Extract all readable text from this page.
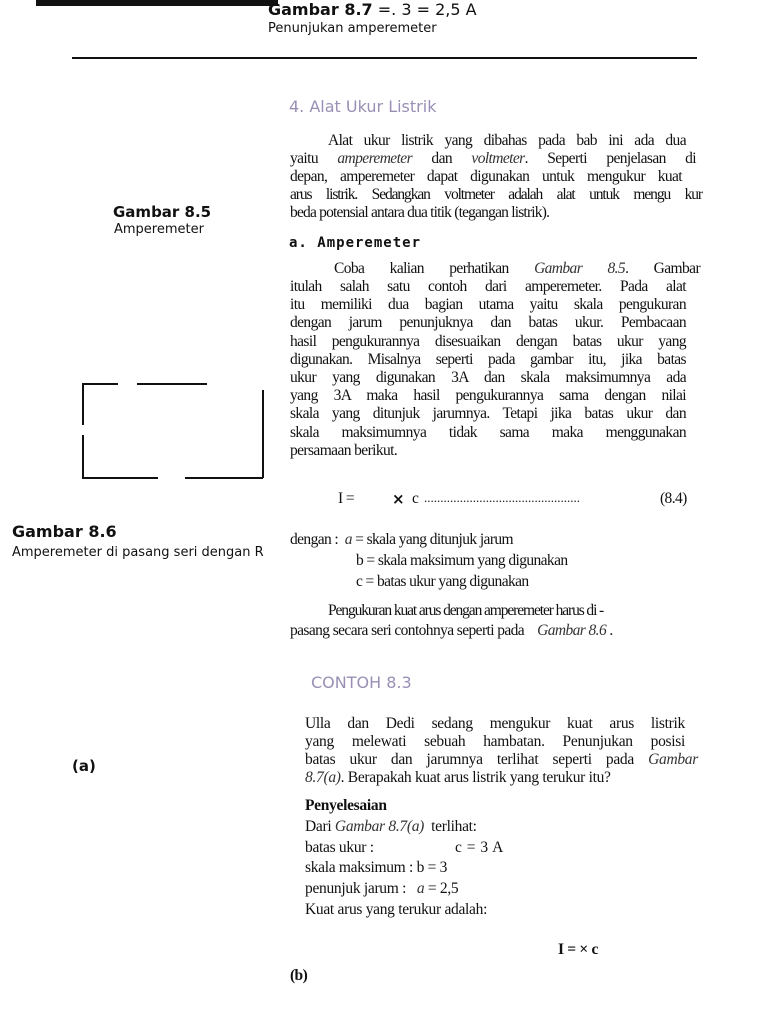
Gambar 8.7 =. 3 = 2,5 A
Penunjukan amperemeter
4. Alat Ukur Listrik
Alat ukur listrik yang dibahas pada bab ini ada dua
yaitu amperemeter dan voltmeter. Seperti penjelasan di
depan, amperemeter dapat digunakan untuk mengukur kuat
arus listrik. Sedangkan voltmeter adalah alat untuk mengu kur
beda potensial antara dua titik (tegangan listrik).
Gambar 8.5
Amperemeter
a. Amperemeter
Coba kalian perhatikan Gambar 8.5. Gambar
itulah salah satu contoh dari amperemeter. Pada alat
itu memiliki dua bagian utama yaitu skala pengukuran
dengan jarum penunjuknya dan batas ukur. Pembacaan
hasil pengukurannya disesuaikan dengan batas ukur yang
digunakan. Misalnya seperti pada gambar itu, jika batas
ukur yang digunakan 3A dan skala maksimumnya ada
yang 3A maka hasil pengukurannya sama dengan nilai
skala yang ditunjuk jarumnya. Tetapi jika batas ukur dan
skala maksimumnya tidak sama maka menggunakan
persamaan berikut.
I =	× c ................................................	(8.4)
Gambar 8.6
Amperemeter di pasang seri dengan R
dengan : a = skala yang ditunjuk jarum
b = skala maksimum yang digunakan
c = batas ukur yang digunakan
Pengukuran kuat arus dengan amperemeter harus di -
pasang secara seri contohnya seperti pada Gambar 8.6 .
CONTOH 8.3
Ulla dan Dedi sedang mengukur kuat arus listrik
yang melewati sebuah hambatan. Penunjukan posisi
batas ukur dan jarumnya terlihat seperti pada Gambar
8.7(a). Berapakah kuat arus listrik yang terukur itu?
(a)
Penyelesaian
Dari Gambar 8.7(a) terlihat:
batas ukur :	c = 3 A
skala maksimum : b = 3
penunjuk jarum : a = 2,5
Kuat arus yang terukur adalah:
I = × c
(b)
